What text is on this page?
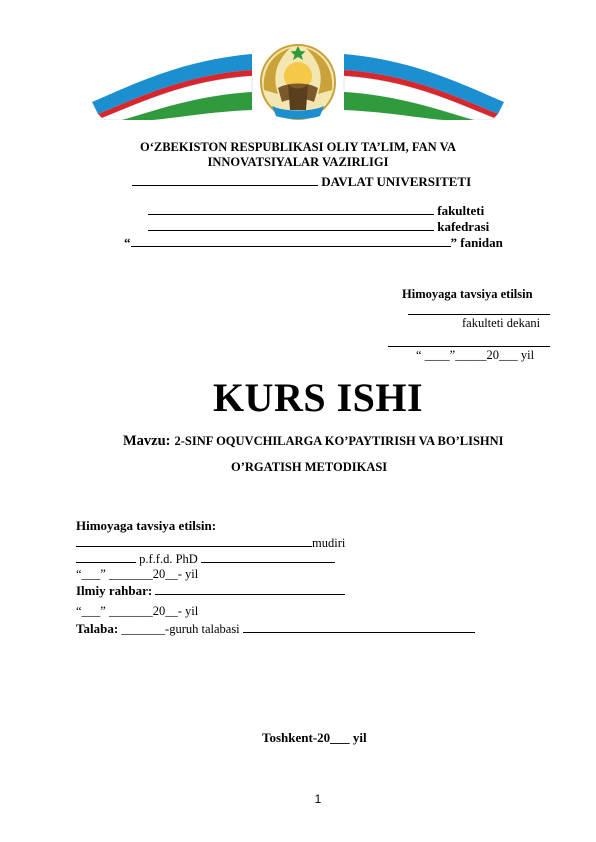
O‘ZBEKISTON RESPUBLIKASI OLIY TA’LIM, FAN VA
INNOVATSIYALAR VAZIRLIGI
DAVLAT UNIVERSITETI
fakulteti
kafedrasi
“	” fanidan
Himoyaga tavsiya etilsin
fakulteti dekani
“ ____”_____20___ yil
KURS ISHI
Mavzu: 2-SINF OQUVCHILARGA KO’PAYTIRISH VA BO’LISHNI
O’RGATISH METODIKASI
Himoyaga tavsiya etilsin:
mudiri
p.f.f.d. PhD
“___” _______20__- yil
Ilmiy rahbar:
“___” _______20__- yil
Talaba: _______-guruh talabasi
Toshkent-20___ yil
1
